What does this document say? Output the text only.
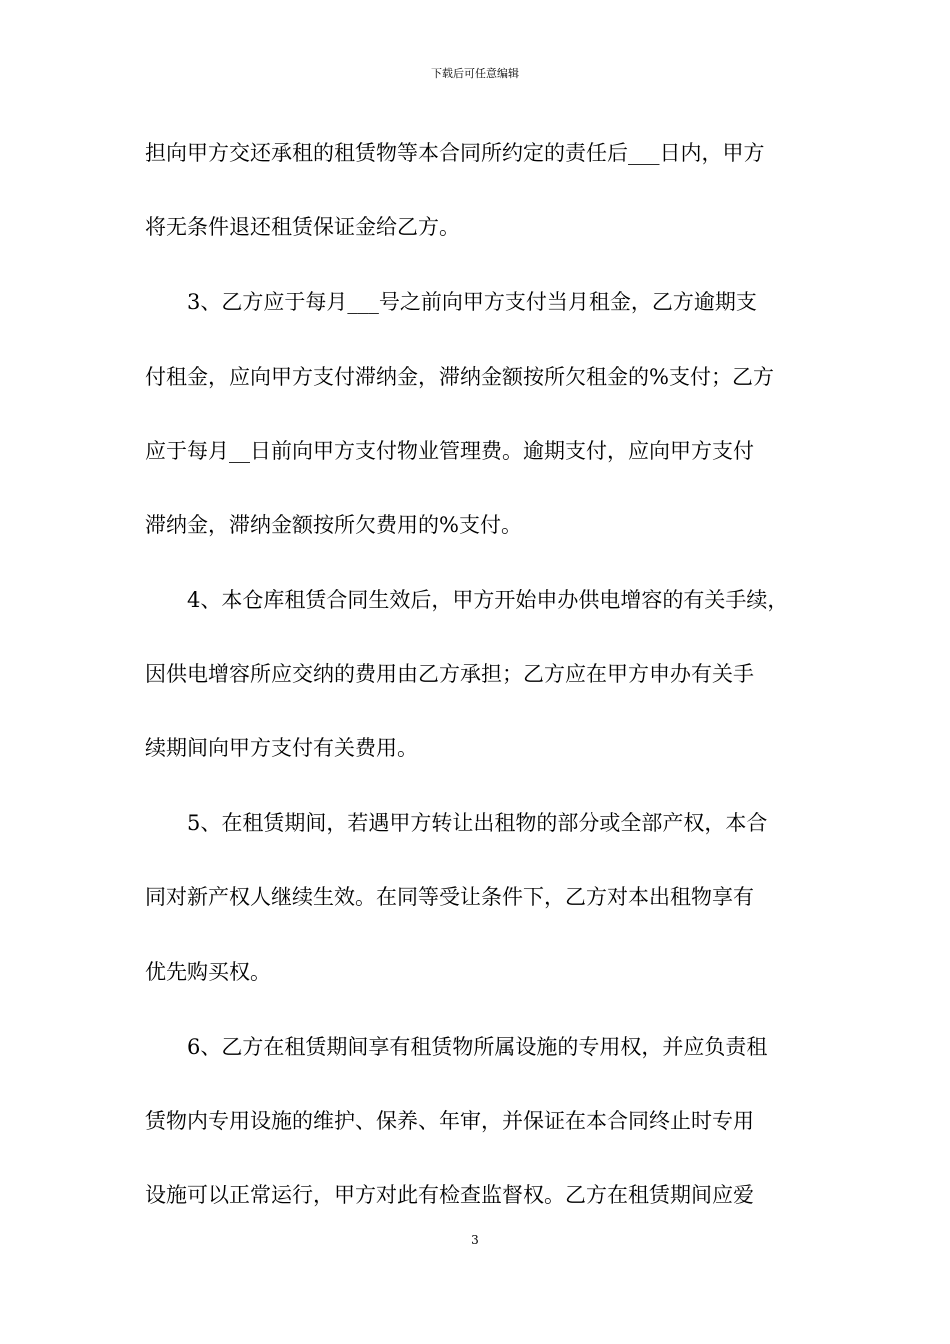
下载后可任意编辑
担向甲方交还承租的租赁物等本合同所约定的责任后___日内，甲方
将无条件退还租赁保证金给乙方。
　　3、乙方应于每月___号之前向甲方支付当月租金，乙方逾期支
付租金，应向甲方支付滞纳金，滞纳金额按所欠租金的%支付；乙方
应于每月__日前向甲方支付物业管理费。逾期支付，应向甲方支付
滞纳金，滞纳金额按所欠费用的%支付。
　　4、本仓库租赁合同生效后，甲方开始申办供电增容的有关手续，
因供电增容所应交纳的费用由乙方承担；乙方应在甲方申办有关手
续期间向甲方支付有关费用。
　　5、在租赁期间，若遇甲方转让出租物的部分或全部产权，本合
同对新产权人继续生效。在同等受让条件下，乙方对本出租物享有
优先购买权。
　　6、乙方在租赁期间享有租赁物所属设施的专用权，并应负责租
赁物内专用设施的维护、保养、年审，并保证在本合同终止时专用
设施可以正常运行，甲方对此有检查监督权。乙方在租赁期间应爱
3
